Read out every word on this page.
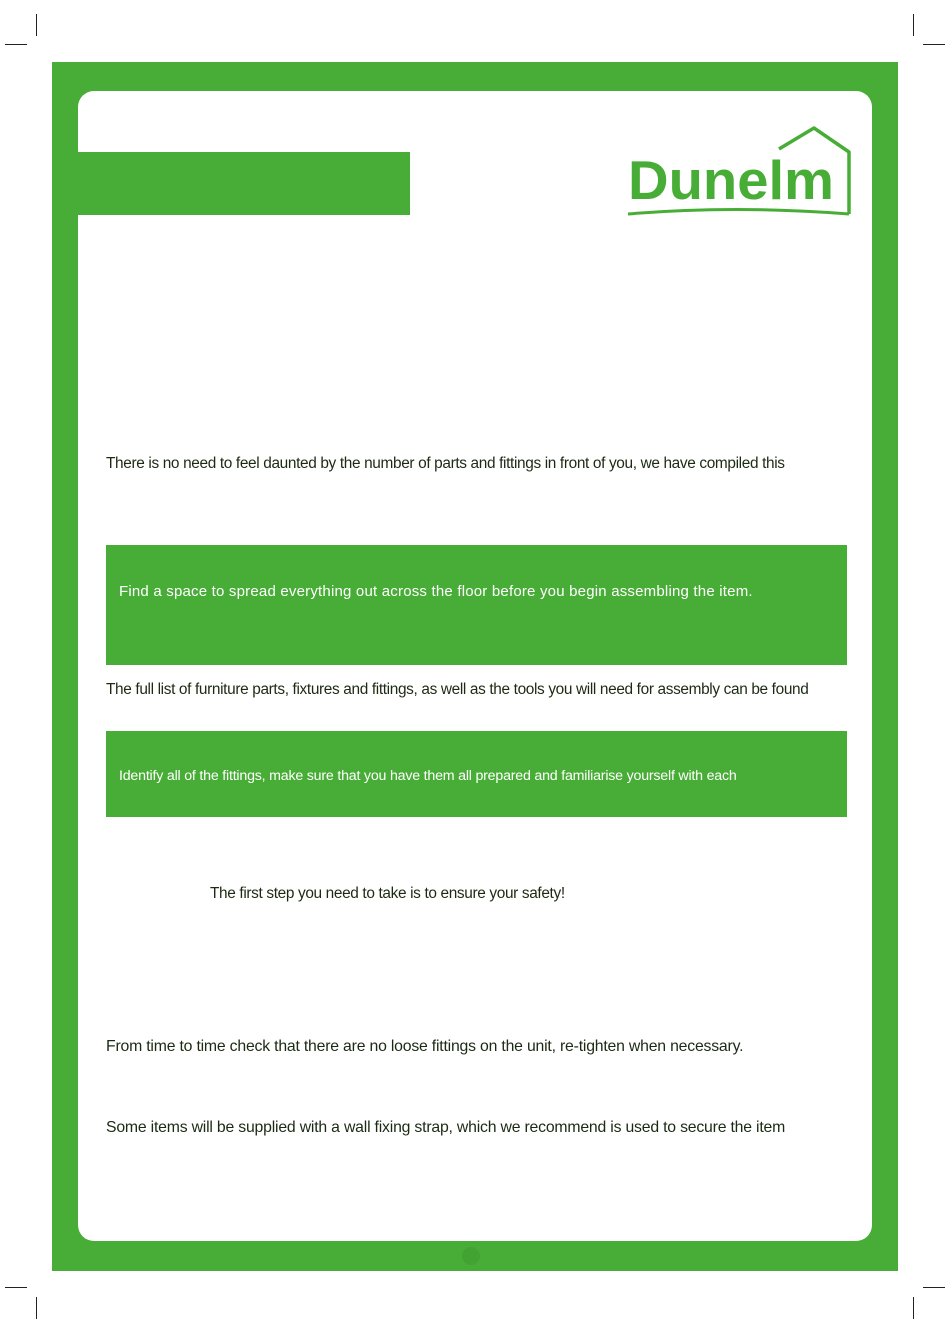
Dunelm
There is no need to feel daunted by the number of parts and fittings in front of you, we have compiled this
Find a space to spread everything out across the floor before you begin assembling the item.
The full list of furniture parts, fixtures and fittings, as well as the tools you will need for assembly can be found
Identify all of the fittings, make sure that you have them all prepared and familiarise yourself with each
The first step you need to take is to ensure your safety!
From time to time check that there are no loose fittings on the unit, re-tighten when necessary.
Some items will be supplied with a wall fixing strap, which we recommend is used to secure the item
